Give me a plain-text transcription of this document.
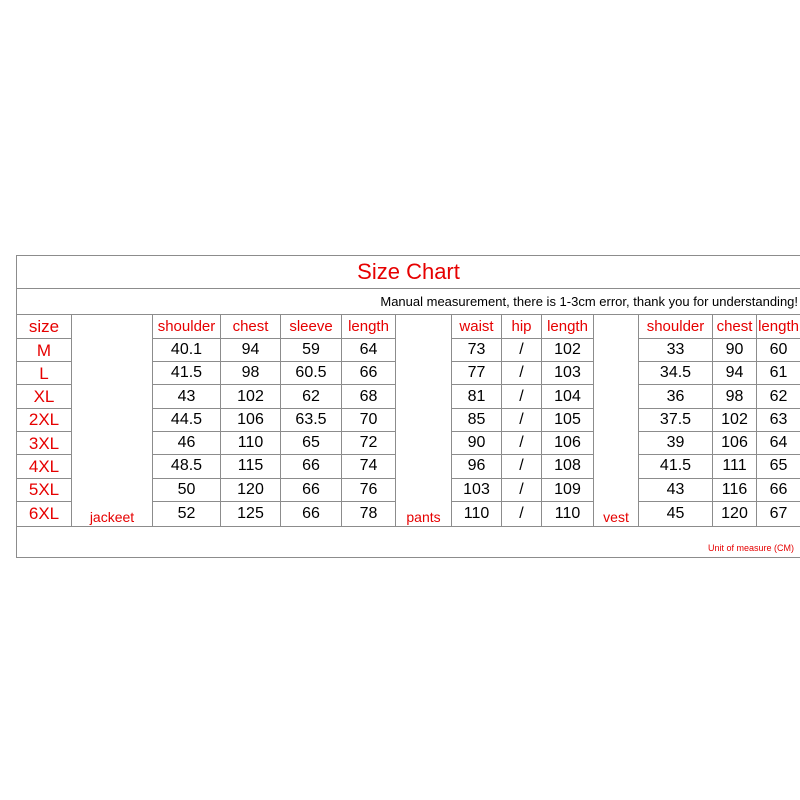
Size Chart													
Manual measurement, there is 1-3cm error, thank you for understanding!													
size		shoulder	chest	sleeve	length		waist	hip	length		shoulder	chest	length
M		40.1	94	59	64		73	/	102		33	90	60
L		41.5	98	60.5	66		77	/	103		34.5	94	61
XL		43	102	62	68		81	/	104		36	98	62
2XL		44.5	106	63.5	70		85	/	105		37.5	102	63
3XL		46	110	65	72		90	/	106		39	106	64
4XL		48.5	115	66	74		96	/	108		41.5	111	65
5XL		50	120	66	76		103	/	109		43	116	66
6XL	jackeet	52	125	66	78	pants	110	/	110	vest	45	120	67
Unit of measure (CM)													
